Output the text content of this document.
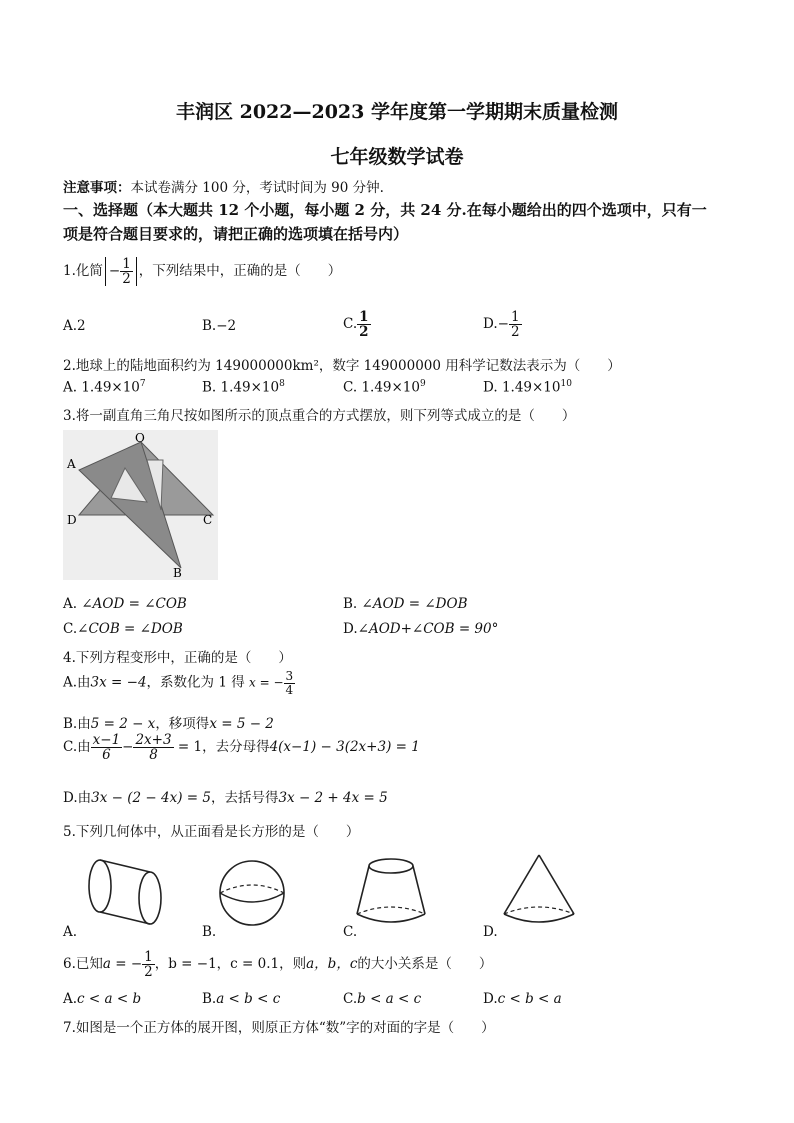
丰润区 2022—2023 学年度第一学期期末质量检测
七年级数学试卷
注意事项：本试卷满分 100 分，考试时间为 90 分钟.
一、选择题（本大题共 12 个小题，每小题 2 分，共 24 分.在每小题给出的四个选项中，只有一
项是符合题目要求的，请把正确的选项填在括号内）
1.化简 − $\frac{1}{2}$ ，下列结果中，正确的是（　　）
A.2	B.−2	C. $\frac{1}{2}$	$D.- \frac{1}{2}$
2.地球上的陆地面积约为 149000000km²，数字 149000000 用科学记数法表示为（　　）
A. $1.49\times 10^7$	B. $1.49\times 10^8$	C. $1.49\times 10^9$	D. $1.49\times 10^{10}$
3.将一副直角三角尺按如图所示的顶点重合的方式摆放，则下列等式成立的是（　　）
O
A
D	C
B
A. ∠AOD = ∠COB	B. ∠AOD = ∠DOB
C.∠COB = ∠DOB	D.∠AOD+∠COB = 90°
4.下列方程变形中，正确的是（　　）
A.由3x = −4，系数化为 1 得 x = − $\frac{3}{4}$
B.由5 = 2 − x，移项得x = 5 − 2
C.由 $\frac{x-1}{6} - \frac{2x+3}{8} = 1$，去分母得4(x−1) − 3(2x+3) = 1
D.由3x − (2 − 4x) = 5，去括号得3x − 2 + 4x = 5
5.下列几何体中，从正面看是长方形的是（　　）
A.	B.	C.	D.
6.已知a = − $\frac{1}{2}$ ，b = −1，c = 0.1，则a，b，c的大小关系是（　　）
A.c < a < b	B.a < b < c	C.b < a < c	D.c < b < a
7.如图是一个正方体的展开图，则原正方体“数”字的对面的字是（　　）
